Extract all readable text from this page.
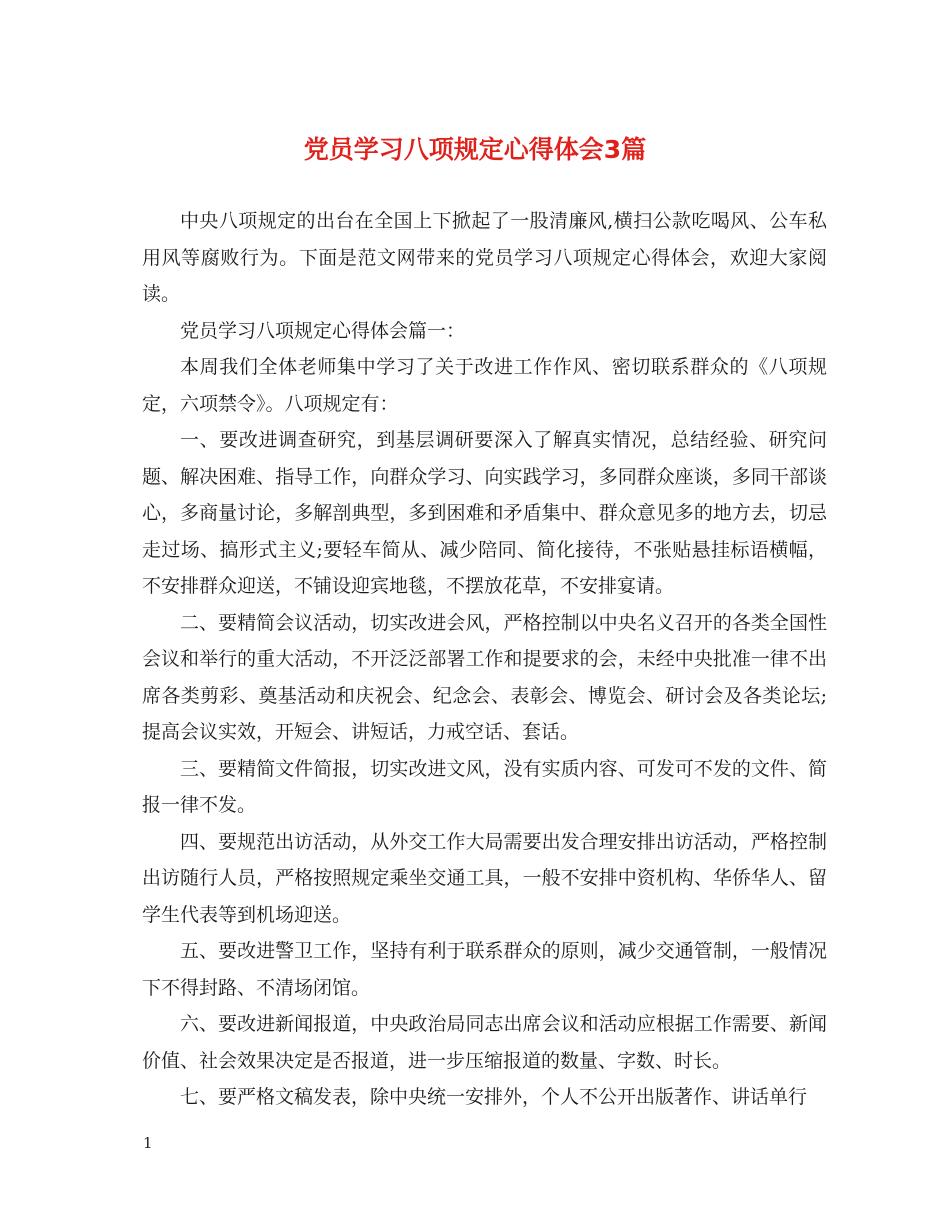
党员学习八项规定心得体会3篇

中央八项规定的出台在全国上下掀起了一股清廉风,横扫公款吃喝风、公车私用风等腐败行为。下面是范文网带来的党员学习八项规定心得体会，欢迎大家阅读。

党员学习八项规定心得体会篇一：

本周我们全体老师集中学习了关于改进工作作风、密切联系群众的《八项规定，六项禁令》。八项规定有：

一、要改进调查研究，到基层调研要深入了解真实情况，总结经验、研究问题、解决困难、指导工作，向群众学习、向实践学习，多同群众座谈，多同干部谈心，多商量讨论，多解剖典型，多到困难和矛盾集中、群众意见多的地方去，切忌走过场、搞形式主义;要轻车简从、减少陪同、简化接待，不张贴悬挂标语横幅，不安排群众迎送，不铺设迎宾地毯，不摆放花草，不安排宴请。

二、要精简会议活动，切实改进会风，严格控制以中央名义召开的各类全国性会议和举行的重大活动，不开泛泛部署工作和提要求的会，未经中央批准一律不出席各类剪彩、奠基活动和庆祝会、纪念会、表彰会、博览会、研讨会及各类论坛;提高会议实效，开短会、讲短话，力戒空话、套话。

三、要精简文件简报，切实改进文风，没有实质内容、可发可不发的文件、简报一律不发。

四、要规范出访活动，从外交工作大局需要出发合理安排出访活动，严格控制出访随行人员，严格按照规定乘坐交通工具，一般不安排中资机构、华侨华人、留学生代表等到机场迎送。

五、要改进警卫工作，坚持有利于联系群众的原则，减少交通管制，一般情况下不得封路、不清场闭馆。

六、要改进新闻报道，中央政治局同志出席会议和活动应根据工作需要、新闻价值、社会效果决定是否报道，进一步压缩报道的数量、字数、时长。

七、要严格文稿发表，除中央统一安排外，个人不公开出版著作、讲话单行

1
